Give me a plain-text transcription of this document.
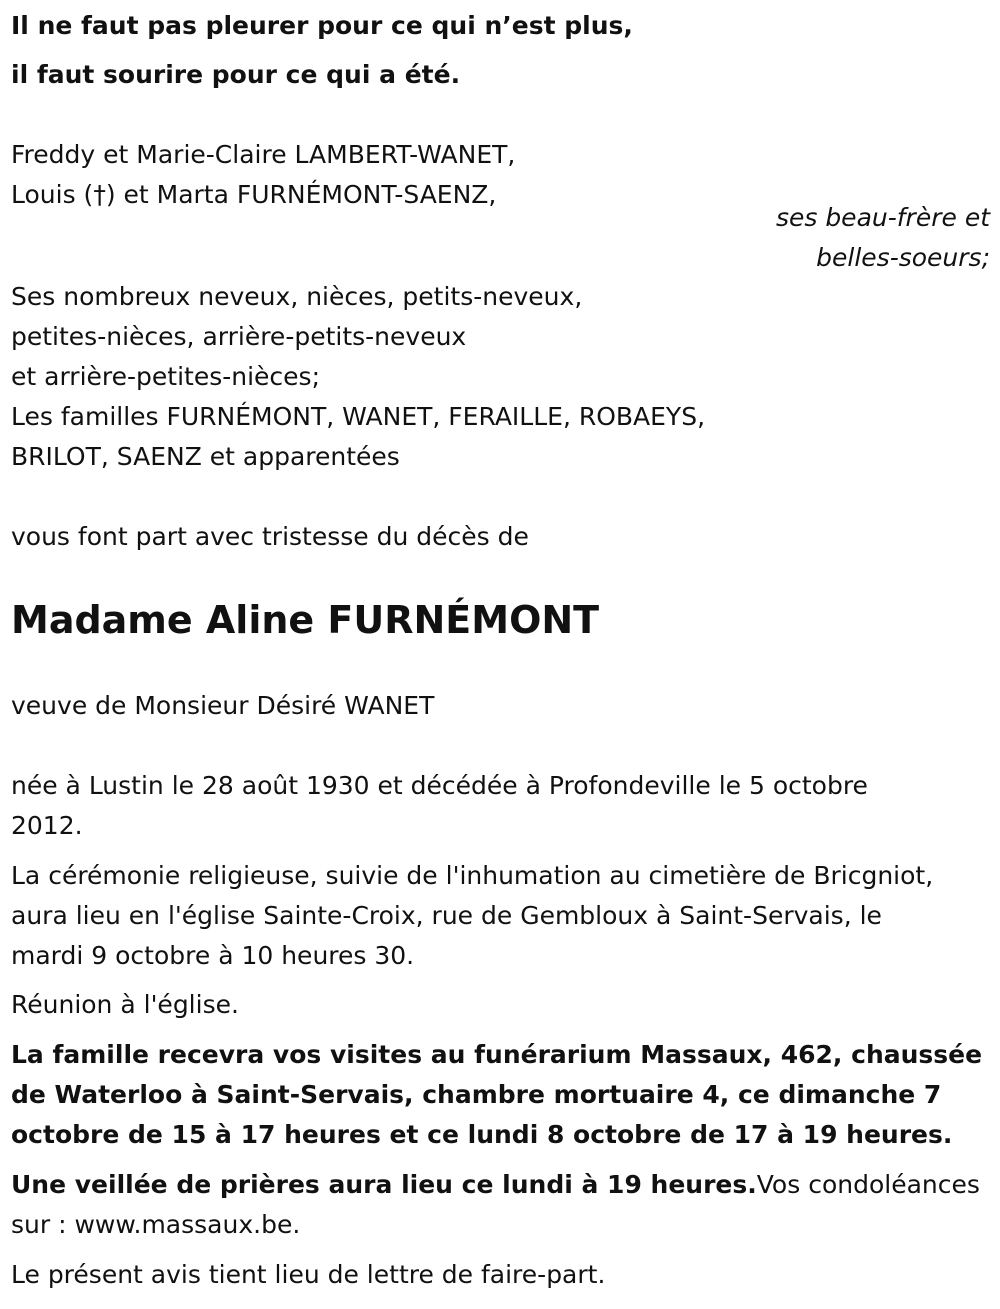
Il ne faut pas pleurer pour ce qui n’est plus,
il faut sourire pour ce qui a été.
Freddy et Marie-Claire LAMBERT-WANET,
Louis (†) et Marta FURNÉMONT-SAENZ,
ses beau-frère et
belles-soeurs;
Ses nombreux neveux, nièces, petits-neveux,
petites-nièces, arrière-petits-neveux
et arrière-petites-nièces;
Les familles FURNÉMONT, WANET, FERAILLE, ROBAEYS,
BRILOT, SAENZ et apparentées
vous font part avec tristesse du décès de
Madame Aline FURNÉMONT
veuve de Monsieur Désiré WANET
née à Lustin le 28 août 1930 et décédée à Profondeville le 5 octobre
2012.
La cérémonie religieuse, suivie de l'inhumation au cimetière de Bricgniot,
aura lieu en l'église Sainte-Croix, rue de Gembloux à Saint-Servais, le
mardi 9 octobre à 10 heures 30.
Réunion à l'église.
La famille recevra vos visites au funérarium Massaux, 462, chaussée
de Waterloo à Saint-Servais, chambre mortuaire 4, ce dimanche 7
octobre de 15 à 17 heures et ce lundi 8 octobre de 17 à 19 heures.
Une veillée de prières aura lieu ce lundi à 19 heures.Vos condoléances
sur : www.massaux.be.
Le présent avis tient lieu de lettre de faire-part.
